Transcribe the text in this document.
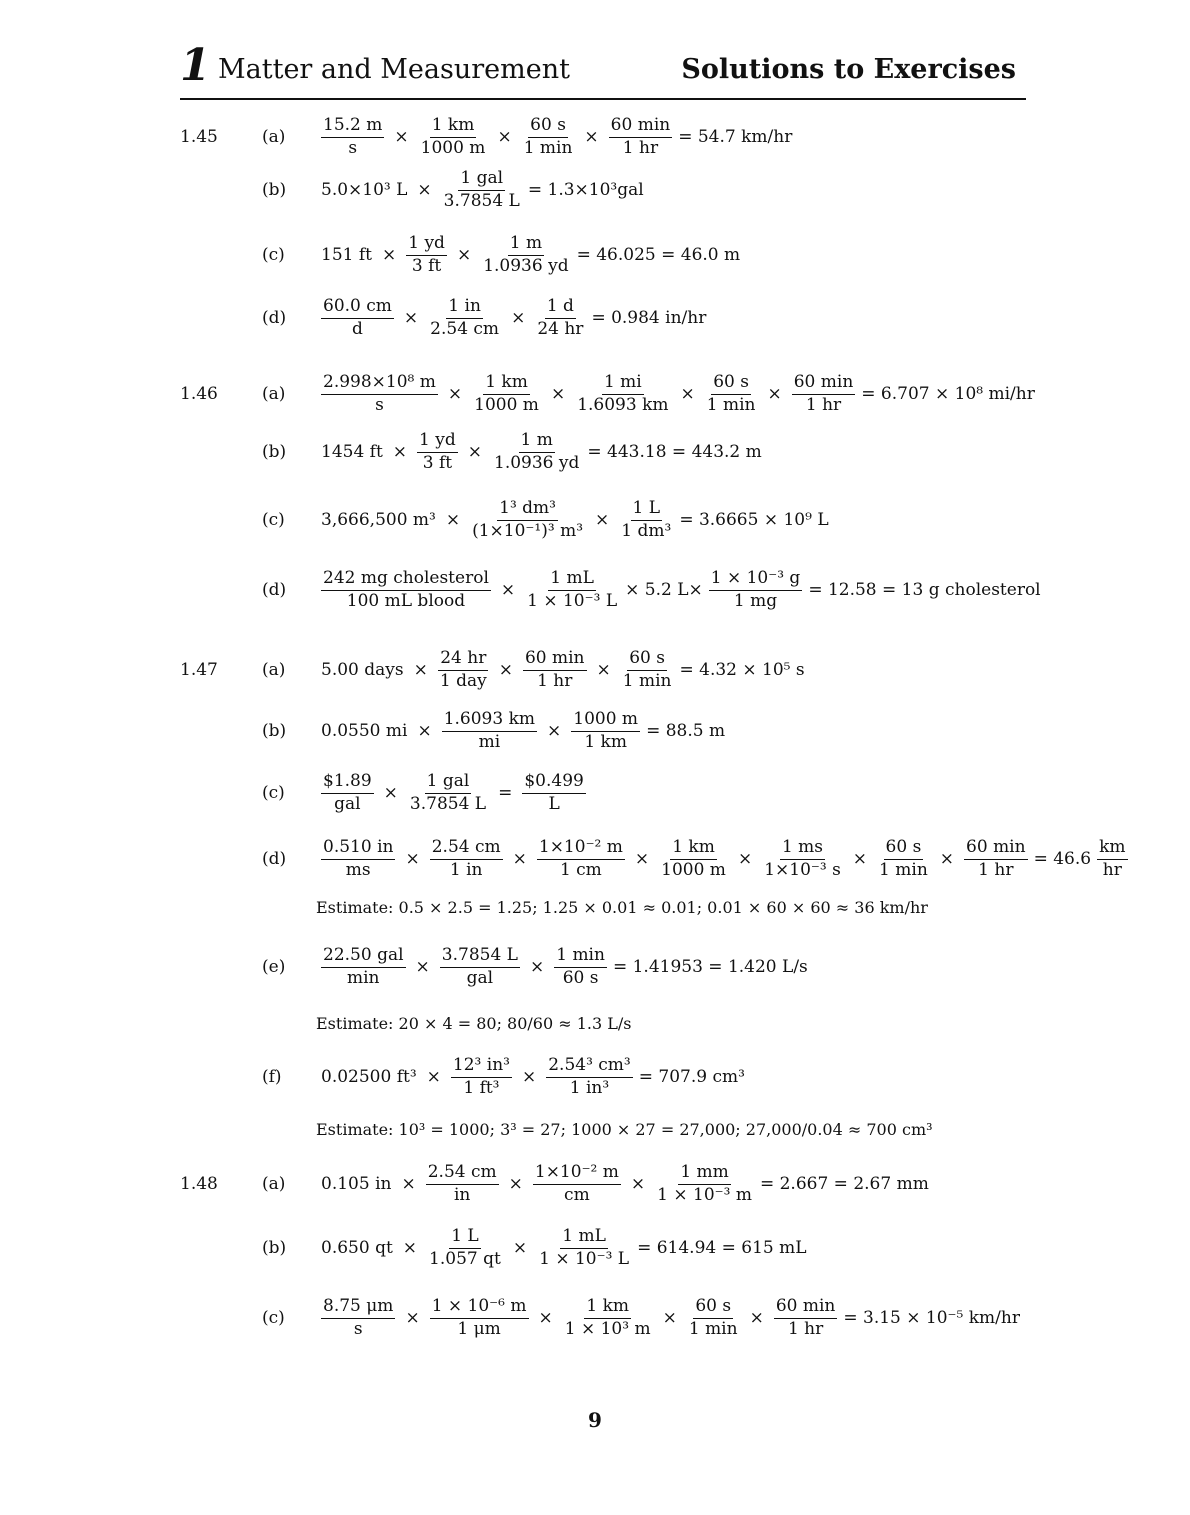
1 Matter and Measurement	Solutions to Exercises
1.45	$(a) \frac{15.2 m}{s} \times \frac{1 km}{1000 m}$ ×
60 s
1 min
×
60 min
1 hr
= 54.7 km/hr
(b) 5.0×10³ L ×
1 gal
3.7854 L
= 1.3×10³gal
(c) 151 ft × $\frac{1 yd}{3 ft} \times \frac{1 m}{1.0936 yd} = 46.025 = 46.0$ m
$(d) \frac{60.0 cm}{d} \times \frac{1 in}{2.54 cm} \times \frac{1 d}{24 hr} = 0.984$ in/hr
1.46	$(a) \frac{\text{2.998×10⁸ m}}{s} \times \frac{1 km}{1000 m} \times \frac{1 mi}{1.6093 km}$ ×
60 s
1 min
×
60 min
1 hr
= 6.707 × 10⁸ mi/hr
(b) 1454 ft × $\frac{1 yd}{3 ft} \times \frac{1 m}{1.0936 yd} = 443.18 = 443.2$ m
(c) 3,666,500 $m^3 \times \frac{\text{1³ dm³}}{\text{(1×10⁻¹)³ m³}} \times \frac{1 L}{\text{1 dm³}} = 3.6665 \times 10^9$ L
(d)
242 mg cholesterol
100 mL blood
× $\frac{1 mL}{\text{1 × 10⁻³ L}} \times 5.2$ $L\times \frac{\text{1 × 10⁻³ g}}{1 mg} = 12.58 = 13$ g cholesterol
1.47	(a) 5.00 days ×
24 hr
1 day
×
60 min
1 hr
×
60 s
1 min
= 4.32 × 10⁵ s
(b) 0.0550 mi × $\frac{1.6093 km}{mi} \times \frac{1000 m}{1 km} = 88.5$ m
(c)
$1.89
gal
×
1 gal
3.7854 L
= $\frac{\$0.499}{L}$
$(d) \frac{0.510 in}{ms} \times \frac{2.54 cm}{1 in} \times \frac{\text{1×10⁻² m}}{1 cm} \times \frac{1 km}{1000 m} \times \frac{1 ms}{\text{1×10⁻³ s}}$ ×
60 s
1 min
×
60 min
1 hr
= $46.6 \frac{km}{hr}$
Estimate: 0.5 × 2.5 = 1.25; 1.25 × 0.01 ≈ 0.01; 0.01 × 60 × 60 ≈ 36 km/hr
(e)
22.50 gal
min
×
3.7854 L
gal
×
1 min
60 s
= 1.41953 = 1.420 L/s
Estimate: 20 × 4 = 80; 80/60 ≈ 1.3 L/s
(f) 0.02500 $ft^3 \times \frac{\text{12³ in³}}{\text{1 ft³}} \times \frac{\text{2.54³ cm³}}{\text{1 in³}} = 707.9$ cm³
Estimate: 10³ = 1000; 3³ = 27; 1000 × 27 = 27,000; 27,000/0.04 ≈ 700 cm³
1.48	(a) 0.105 in × $\frac{2.54 cm}{in} \times \frac{\text{1×10⁻² m}}{cm} \times \frac{1 mm}{\text{1 × 10⁻³ m}} = 2.667 = 2.67$ mm
(b) 0.650 qt × $\frac{1 L}{1.057 qt} \times \frac{1 mL}{\text{1 × 10⁻³ L}} = 614.94 = 615$ mL
$(c) \frac{8.75 \mu m}{s} \times \frac{\text{1 × 10⁻⁶ m}}{1 \mu m} \times \frac{1 km}{\text{1 × 10³ m}}$ ×
60 s
1 min
×
60 min
1 hr
= 3.15 × 10⁻⁵ km/hr
9
